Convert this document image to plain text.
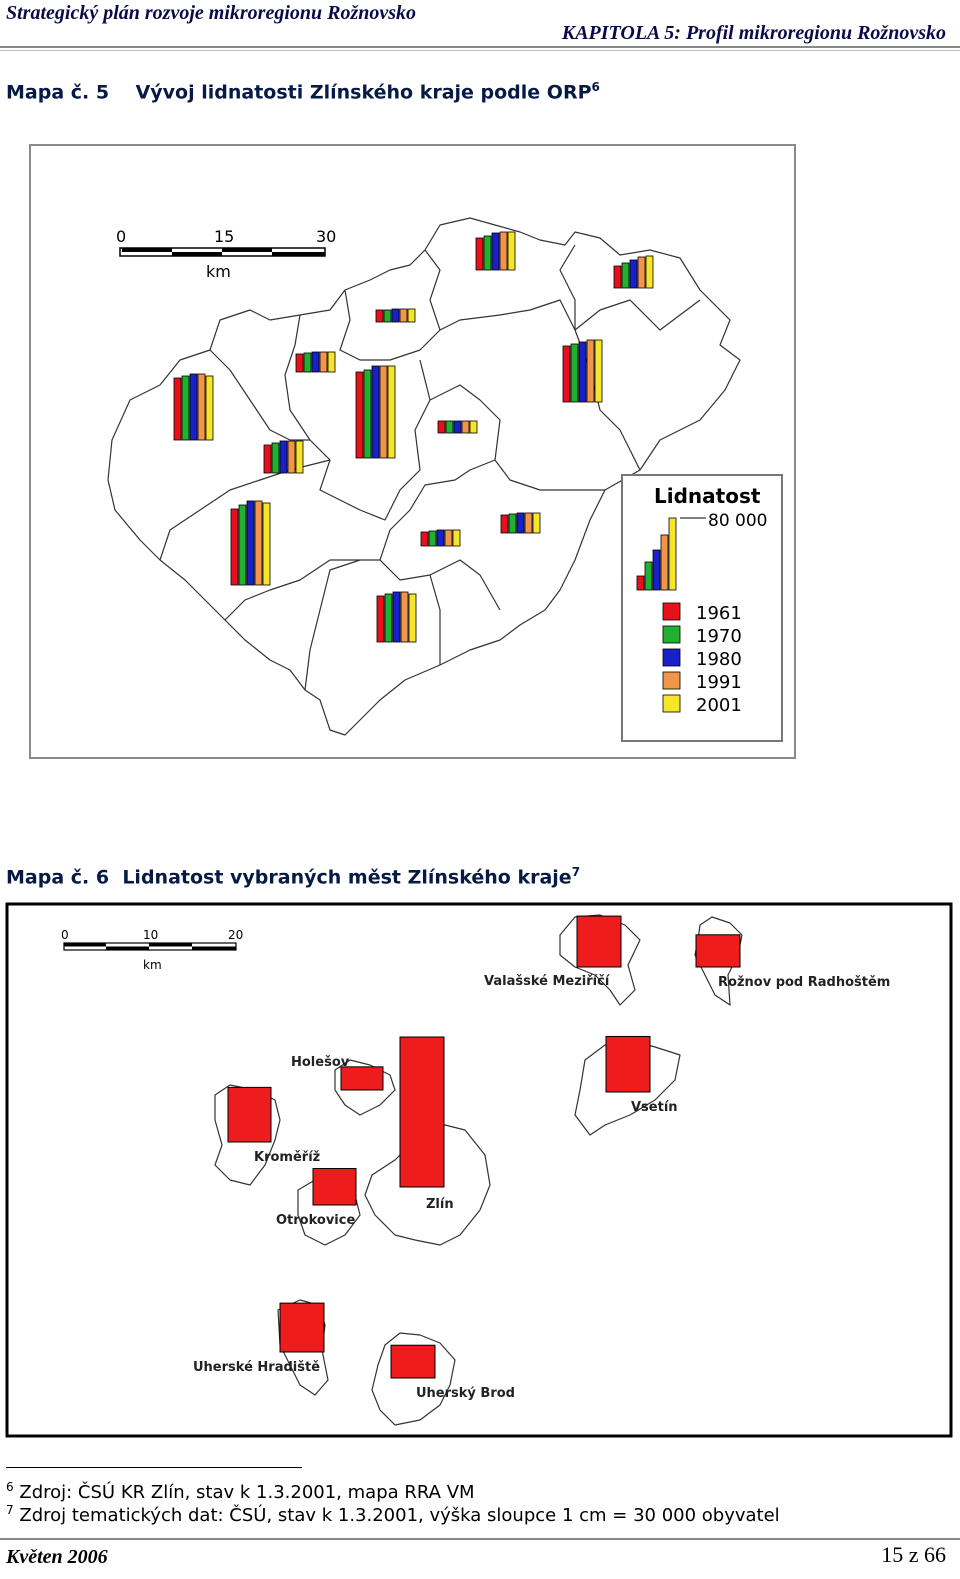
Strategický plán rozvoje mikroregionu Rožnovsko
KAPITOLA 5: Profil mikroregionu Rožnovsko
Mapa č. 5 Vývoj lidnatosti Zlínského kraje podle ORP$^6$
0	15	30
km
Lidnatost
80 000
1961
1970
1980
1991
2001
Mapa č. 6 Lidnatost vybraných měst Zlínského kraje$^7$
0	10	20
km
Valašské Meziříčí	Rožnov pod Radhoštěm
Holešov
Vsetín
Kroměříž
Zlín
Otrokovice
Uherské Hradiště
Uherský Brod
$^6$ Zdroj: ČSÚ KR Zlín, stav k 1.3.2001, mapa RRA VM
$^7$ Zdroj tematických dat: ČSÚ, stav k 1.3.2001, výška sloupce 1 cm = 30 000 obyvatel
Květen 2006	15 z 66
